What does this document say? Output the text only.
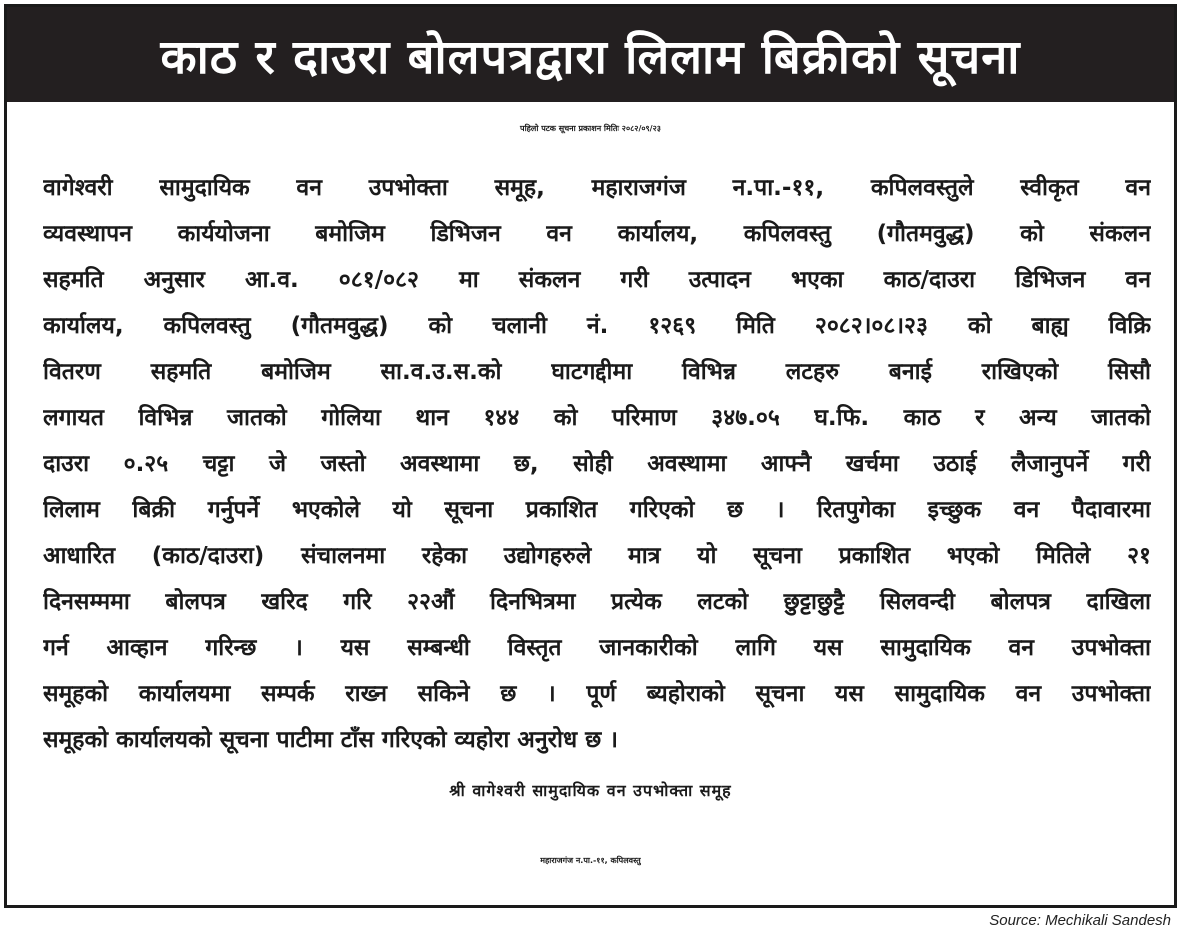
काठ र दाउरा बोलपत्रद्वारा लिलाम बिक्रीको सूचना
पहिलो पटक सूचना प्रकाशन मितिः २०८२/०९/२३
वागेश्वरी सामुदायिक वन उपभोक्ता समूह, महाराजगंज न.पा.-११, कपिलवस्तुले स्वीकृत वन
व्यवस्थापन कार्ययोजना बमोजिम डिभिजन वन कार्यालय, कपिलवस्तु (गौतमवुद्ध) को संकलन
सहमति अनुसार आ.व. ०८१/०८२ मा संकलन गरी उत्पादन भएका काठ/दाउरा डिभिजन वन
कार्यालय, कपिलवस्तु (गौतमवुद्ध) को चलानी नं. १२६९ मिति २०८२।०८।२३ को बाह्य विक्रि
वितरण सहमति बमोजिम सा.व.उ.स.को घाटगद्दीमा विभिन्न लटहरु बनाई राखिएको सिसौ
लगायत विभिन्न जातको गोलिया थान १४४ को परिमाण ३४७.०५ घ.फि. काठ र अन्य जातको
दाउरा ०.२५ चट्टा जे जस्तो अवस्थामा छ, सोही अवस्थामा आफ्नै खर्चमा उठाई लैजानुपर्ने गरी
लिलाम बिक्री गर्नुपर्ने भएकोले यो सूचना प्रकाशित गरिएको छ । रितपुगेका इच्छुक वन पैदावारमा
आधारित (काठ/दाउरा) संचालनमा रहेका उद्योगहरुले मात्र यो सूचना प्रकाशित भएको मितिले २१
दिनसम्ममा बोलपत्र खरिद गरि २२औं दिनभित्रमा प्रत्येक लटको छुट्टाछुट्टै सिलवन्दी बोलपत्र दाखिला
गर्न आव्हान गरिन्छ । यस सम्बन्धी विस्तृत जानकारीको लागि यस सामुदायिक वन उपभोक्ता
समूहको कार्यालयमा सम्पर्क राख्न सकिने छ । पूर्ण ब्यहोराको सूचना यस सामुदायिक वन उपभोक्ता
समूहको कार्यालयको सूचना पाटीमा टाँस गरिएको व्यहोरा अनुरोध छ ।
श्री वागेश्वरी सामुदायिक वन उपभोक्ता समूह
महाराजगंज न.पा.-११, कपिलवस्तु
Source: Mechikali Sandesh
